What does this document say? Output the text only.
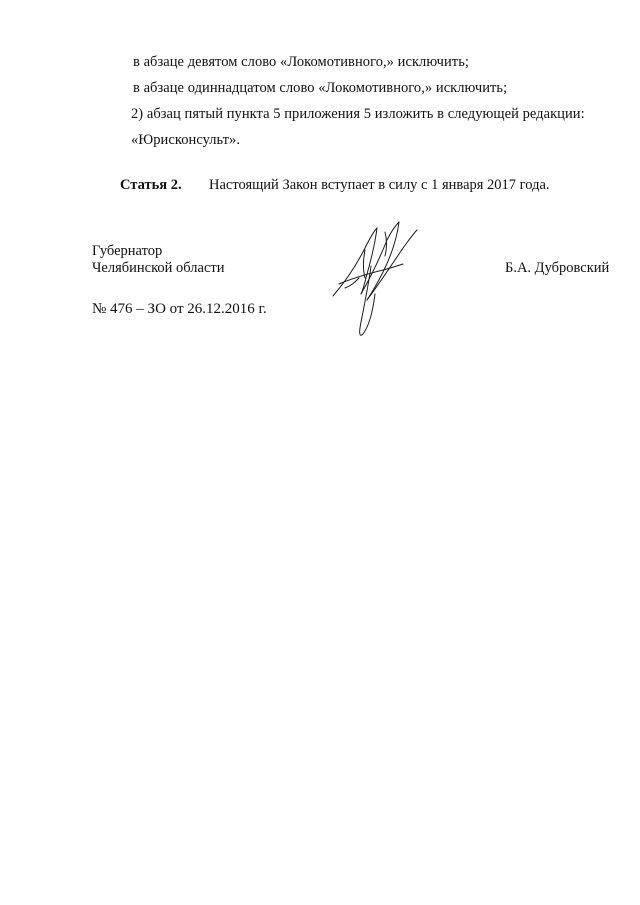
в абзаце девятом слово «Локомотивного,» исключить;
в абзаце одиннадцатом слово «Локомотивного,» исключить;
2) абзац пятый пункта 5 приложения 5 изложить в следующей редакции:
«Юрисконсульт».
Статья 2. Настоящий Закон вступает в силу с 1 января 2017 года.
Губернатор
Челябинской области	Б.А. Дубровский
№ 476 – ЗО от 26.12.2016 г.
